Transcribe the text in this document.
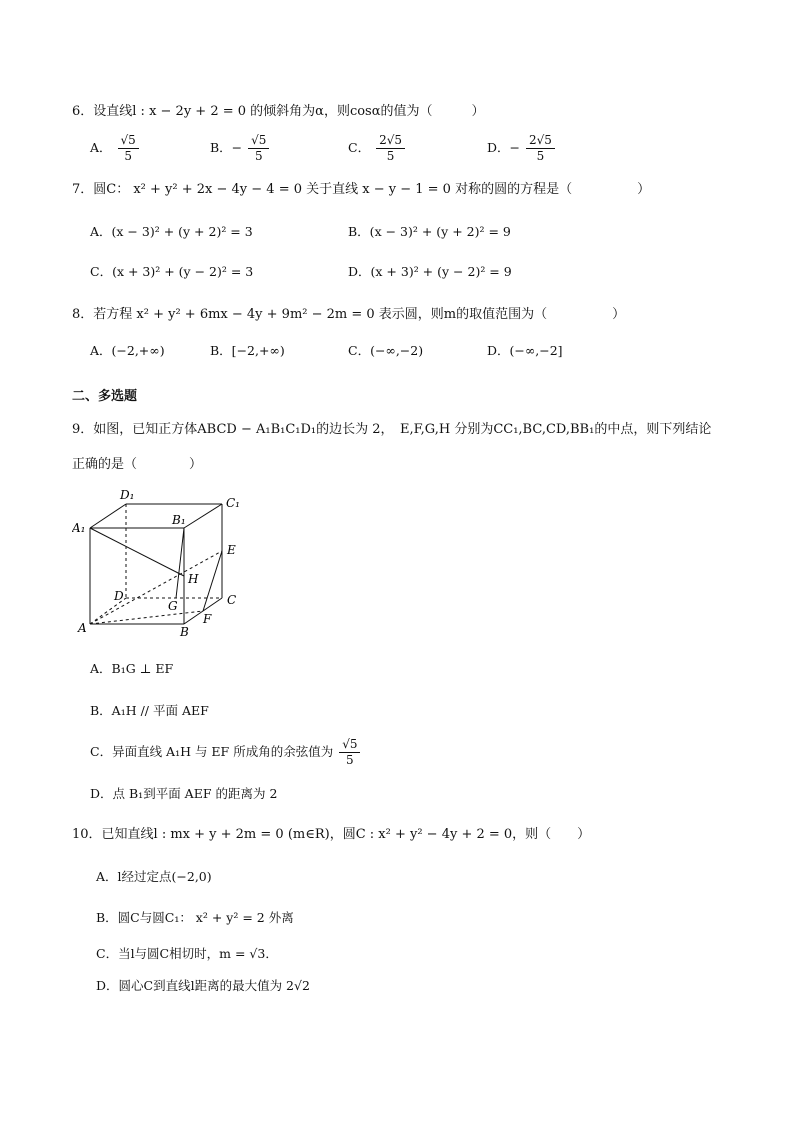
6．设直线l : x − 2y + 2 = 0 的倾斜角为α，则cosα的值为（　　　）
A． $\frac{√5}{5}$	B．− $\frac{√5}{5}$	C． $\frac{2√5}{5}$	D．− $\frac{2√5}{5}$
7．圆C： x² + y² + 2x − 4y − 4 = 0 关于直线 x − y − 1 = 0 对称的圆的方程是（　　　　　）
A．(x − 3)² + (y + 2)² = 3	B．(x − 3)² + (y + 2)² = 9
C．(x + 3)² + (y − 2)² = 3	D．(x + 3)² + (y − 2)² = 9
8．若方程 x² + y² + 6mx − 4y + 9m² − 2m = 0 表示圆，则m的取值范围为（　　　　　）
A．(−2,+∞)	B．[−2,+∞)	C．(−∞,−2)	D．(−∞,−2]
二、多选题
9．如图，已知正方体ABCD − A₁B₁C₁D₁的边长为 2，　E,F,G,H 分别为CC₁,BC,CD,BB₁的中点，则下列结论
正确的是（　　　　）
A₁
D₁
B₁
C₁
E
H
D
G	C
F
A	B
A．B₁G ⊥ EF
B．A₁H // 平面 AEF
C．异面直线 A₁H 与 EF 所成角的余弦值为 $\frac{√5}{5}$
D．点 B₁到平面 AEF 的距离为 2
10．已知直线l : mx + y + 2m = 0 (m∈R)，圆C : x² + y² − 4y + 2 = 0，则（　　）
A．l经过定点(−2,0)
B．圆C与圆C₁： x² + y² = 2 外离
C．当l与圆C相切时，m = √3．
D．圆心C到直线l距离的最大值为 2√2
